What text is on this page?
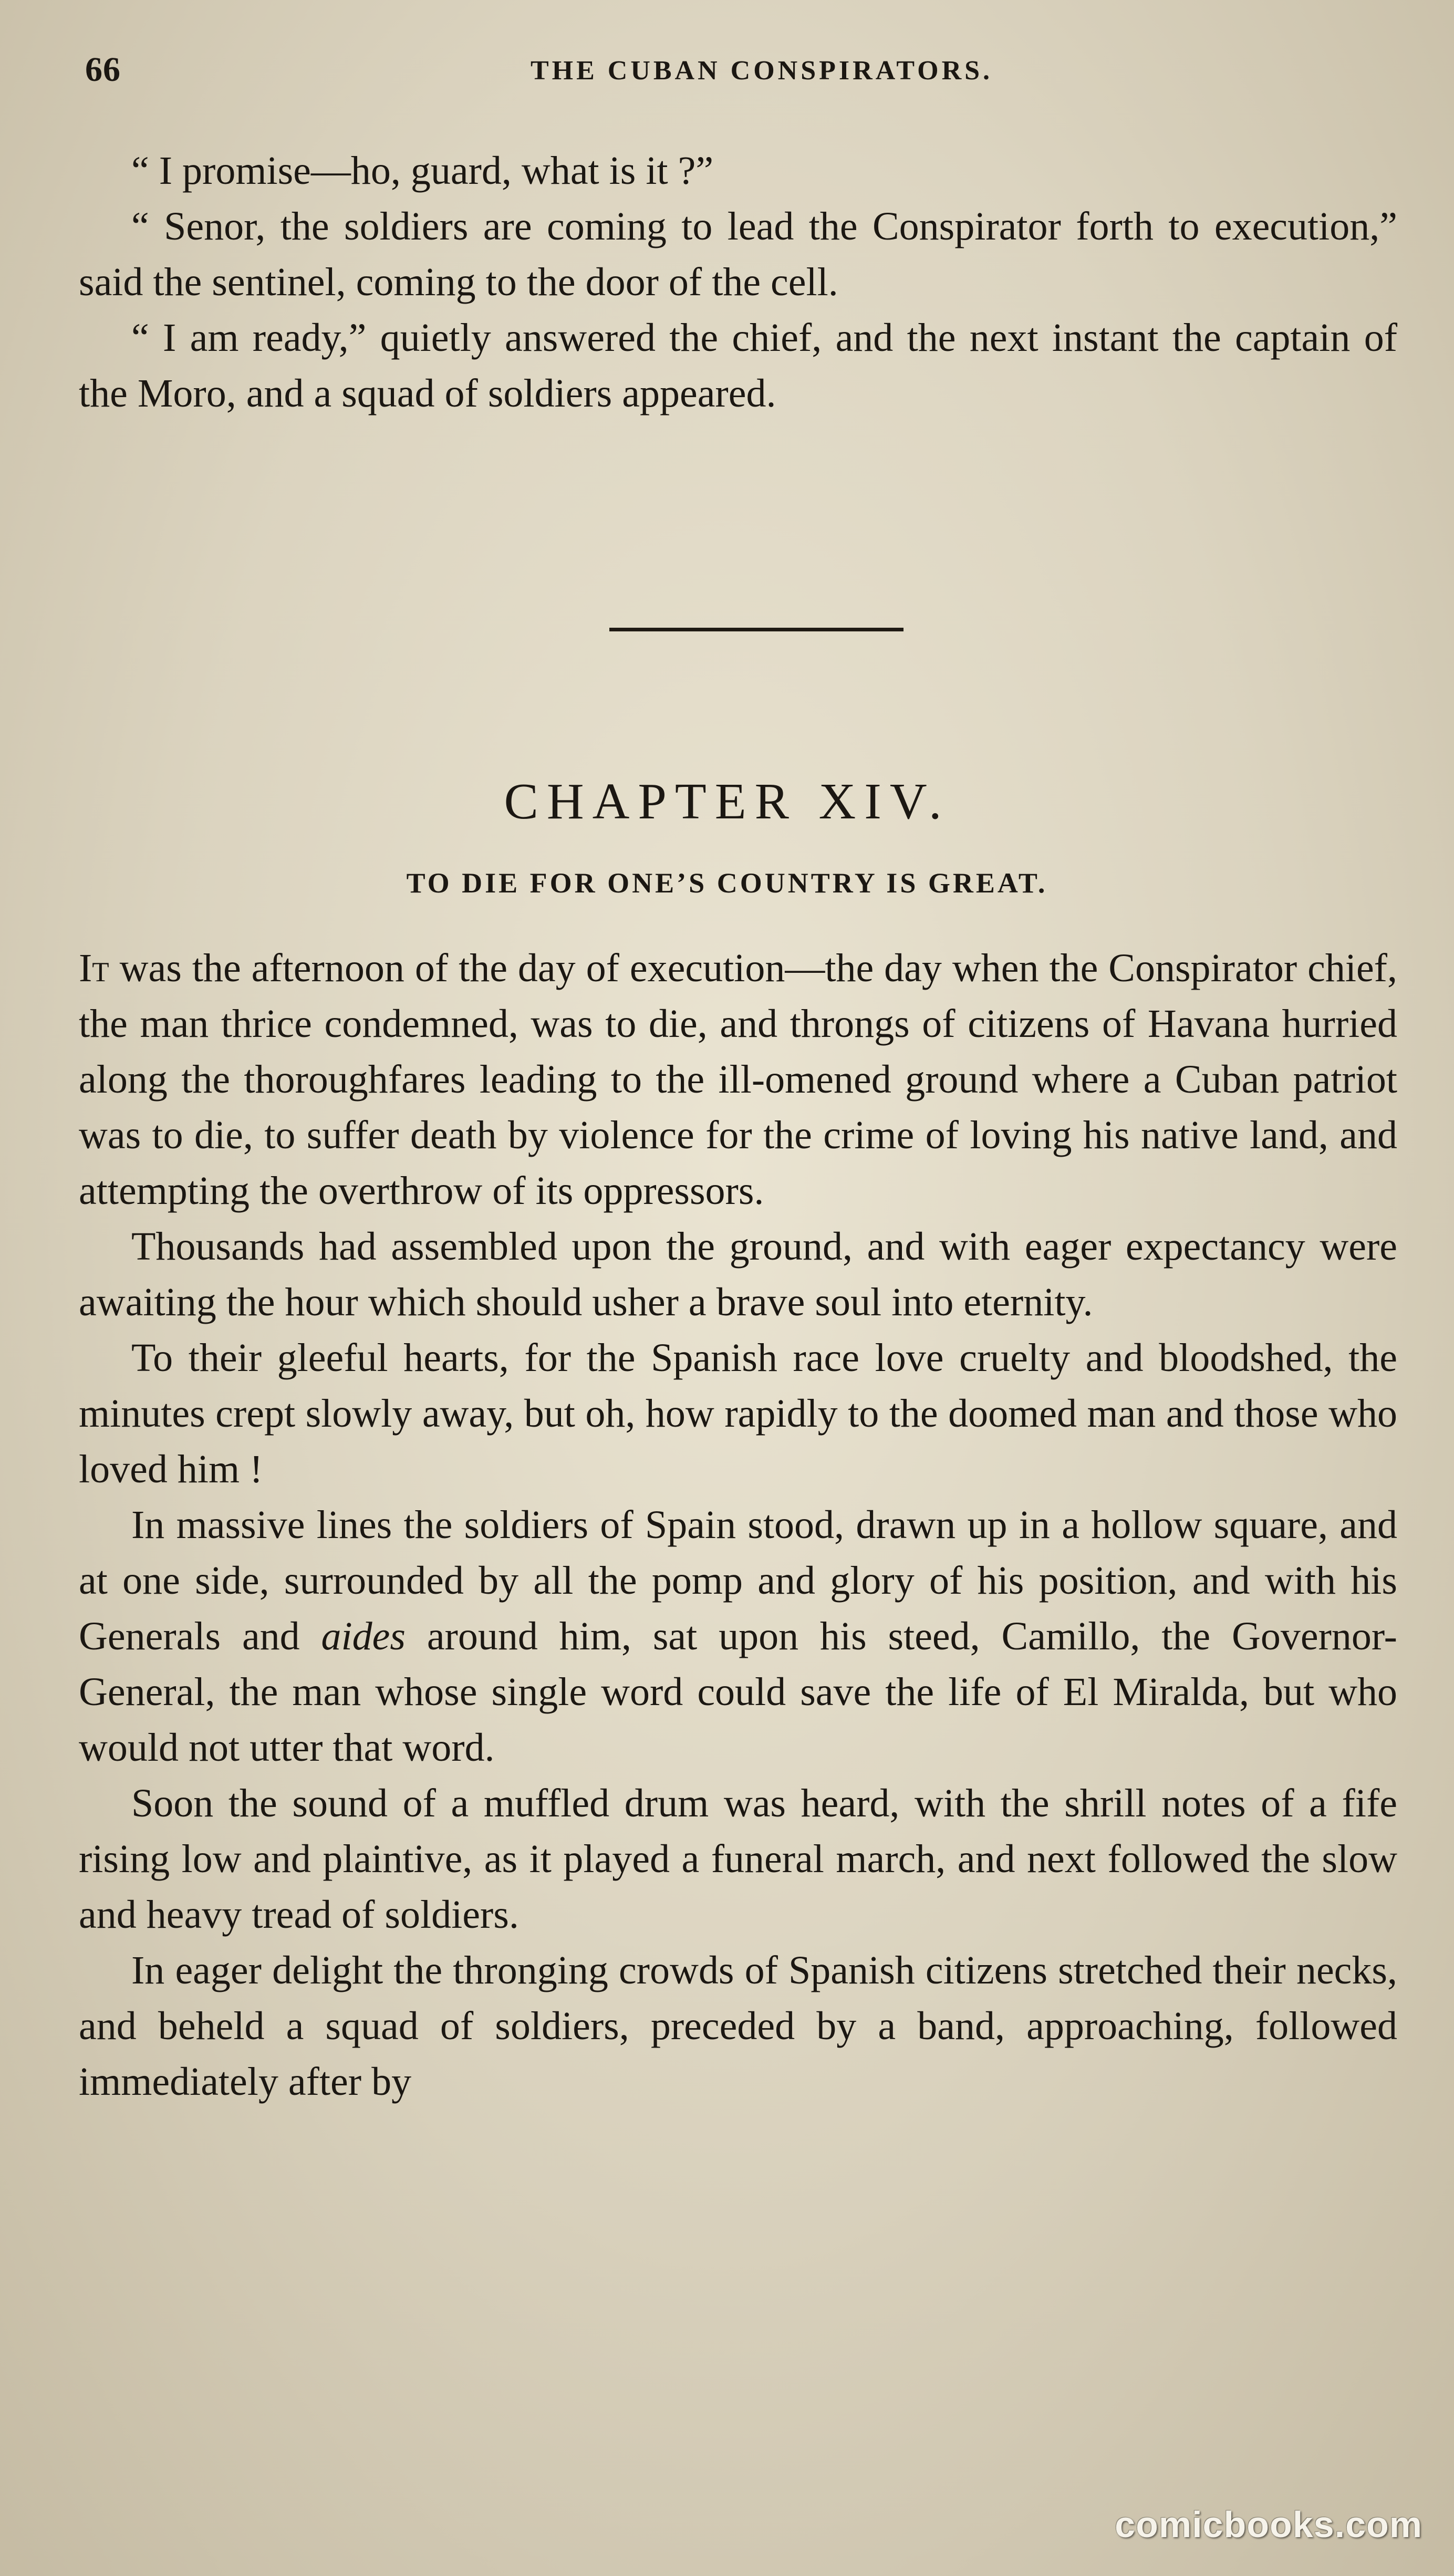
66	THE CUBAN CONSPIRATORS.

“ I promise—ho, guard, what is it ?”

“ Senor, the soldiers are coming to lead the Conspirator forth to execution,” said the sentinel, coming to the door of the cell.

“ I am ready,” quietly answered the chief, and the next instant the captain of the Moro, and a squad of soldiers appeared.

CHAPTER XIV.
TO DIE FOR ONE’S COUNTRY IS GREAT.

It was the afternoon of the day of execution—the day when the Conspirator chief, the man thrice condemned, was to die, and throngs of citizens of Havana hurried along the thoroughfares leading to the ill-omened ground where a Cuban patriot was to die, to suffer death by violence for the crime of loving his native land, and attempting the overthrow of its oppressors.

Thousands had assembled upon the ground, and with eager expectancy were awaiting the hour which should usher a brave soul into eternity.

To their gleeful hearts, for the Spanish race love cruelty and bloodshed, the minutes crept slowly away, but oh, how rapidly to the doomed man and those who loved him !

In massive lines the soldiers of Spain stood, drawn up in a hollow square, and at one side, surrounded by all the pomp and glory of his position, and with his Generals and aides around him, sat upon his steed, Camillo, the Governor-General, the man whose single word could save the life of El Miralda, but who would not utter that word.

Soon the sound of a muffled drum was heard, with the shrill notes of a fife rising low and plaintive, as it played a funeral march, and next followed the slow and heavy tread of soldiers.

In eager delight the thronging crowds of Spanish citizens stretched their necks, and beheld a squad of soldiers, preceded by a band, approaching, followed immediately after by

comicbooks.com
